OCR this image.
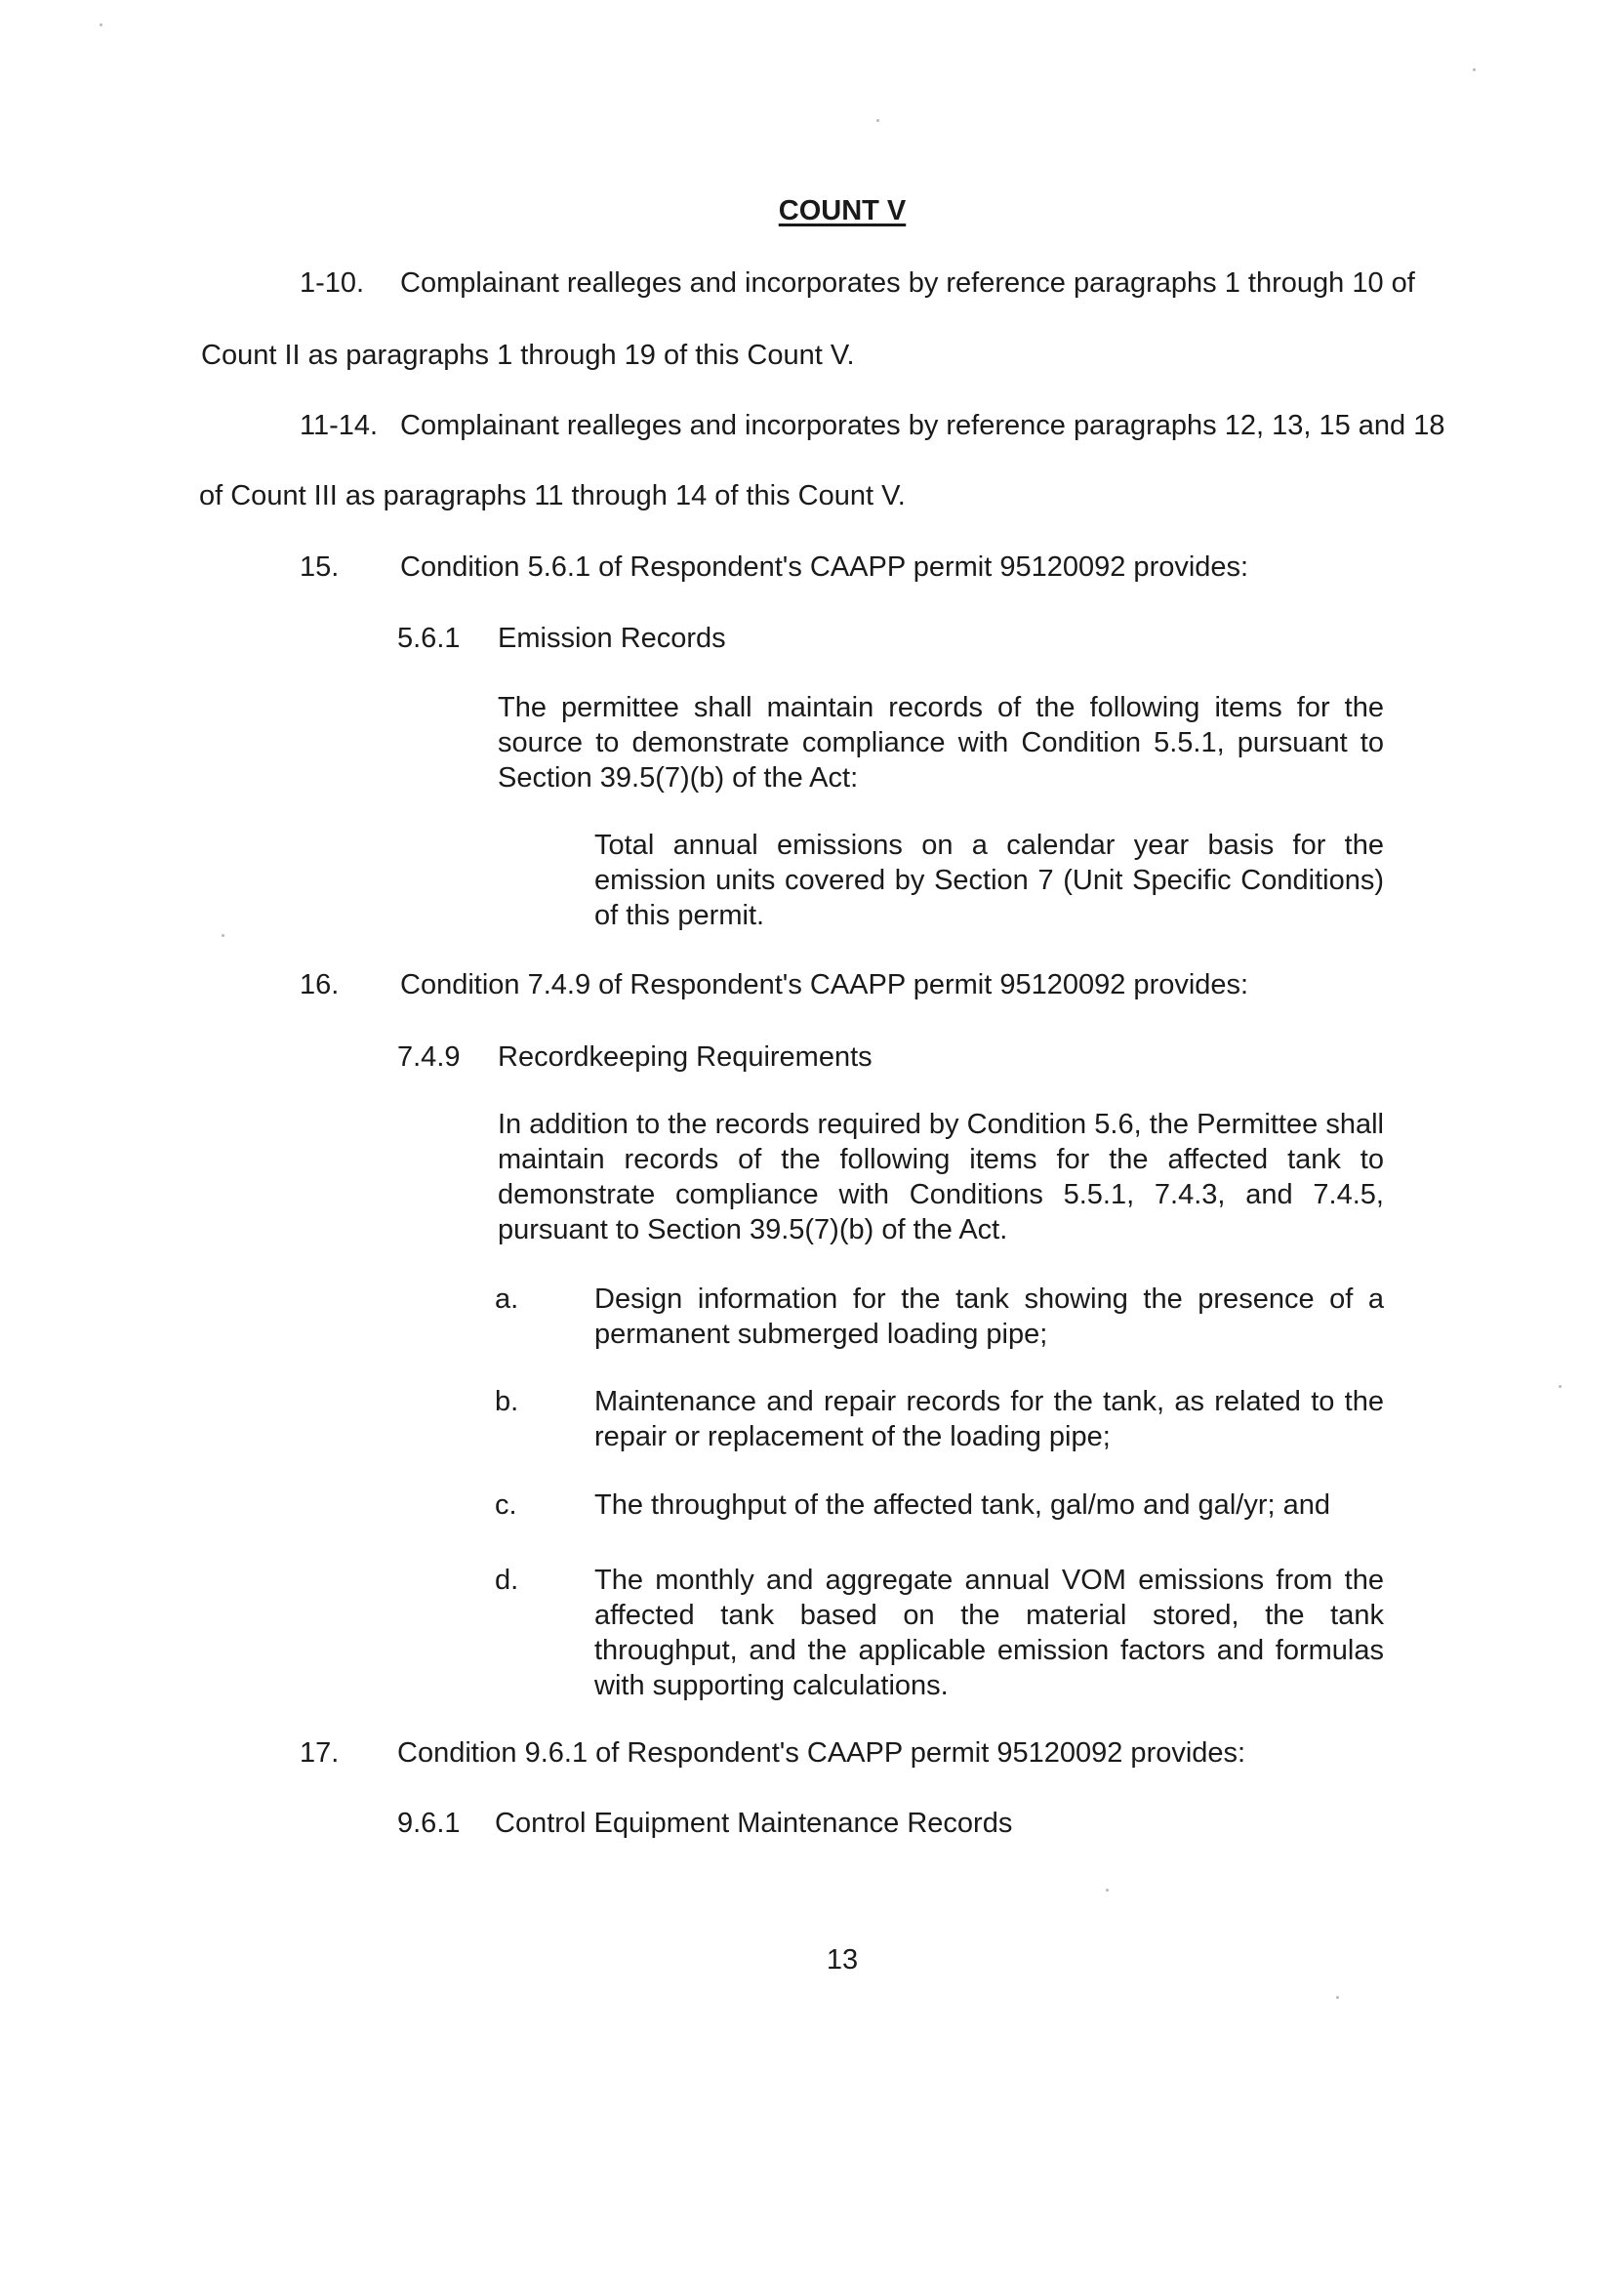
COUNT V
1-10. Complainant realleges and incorporates by reference paragraphs 1 through 10 of
Count II as paragraphs 1 through 19 of this Count V.
11-14. Complainant realleges and incorporates by reference paragraphs 12, 13, 15 and 18
of Count III as paragraphs 11 through 14 of this Count V.
15. Condition 5.6.1 of Respondent's CAAPP permit 95120092 provides:
5.6.1 Emission Records
The permittee shall maintain records of the following items for the source to demonstrate compliance with Condition 5.5.1, pursuant to Section 39.5(7)(b) of the Act:
Total annual emissions on a calendar year basis for the emission units covered by Section 7 (Unit Specific Conditions) of this permit.
16. Condition 7.4.9 of Respondent's CAAPP permit 95120092 provides:
7.4.9 Recordkeeping Requirements
In addition to the records required by Condition 5.6, the Permittee shall maintain records of the following items for the affected tank to demonstrate compliance with Conditions 5.5.1, 7.4.3, and 7.4.5, pursuant to Section 39.5(7)(b) of the Act.
a.	Design information for the tank showing the presence of a permanent submerged loading pipe;
b.	Maintenance and repair records for the tank, as related to the repair or replacement of the loading pipe;
c.	The throughput of the affected tank, gal/mo and gal/yr; and
d.	The monthly and aggregate annual VOM emissions from the affected tank based on the material stored, the tank throughput, and the applicable emission factors and formulas with supporting calculations.
17. Condition 9.6.1 of Respondent's CAAPP permit 95120092 provides:
9.6.1 Control Equipment Maintenance Records
13
